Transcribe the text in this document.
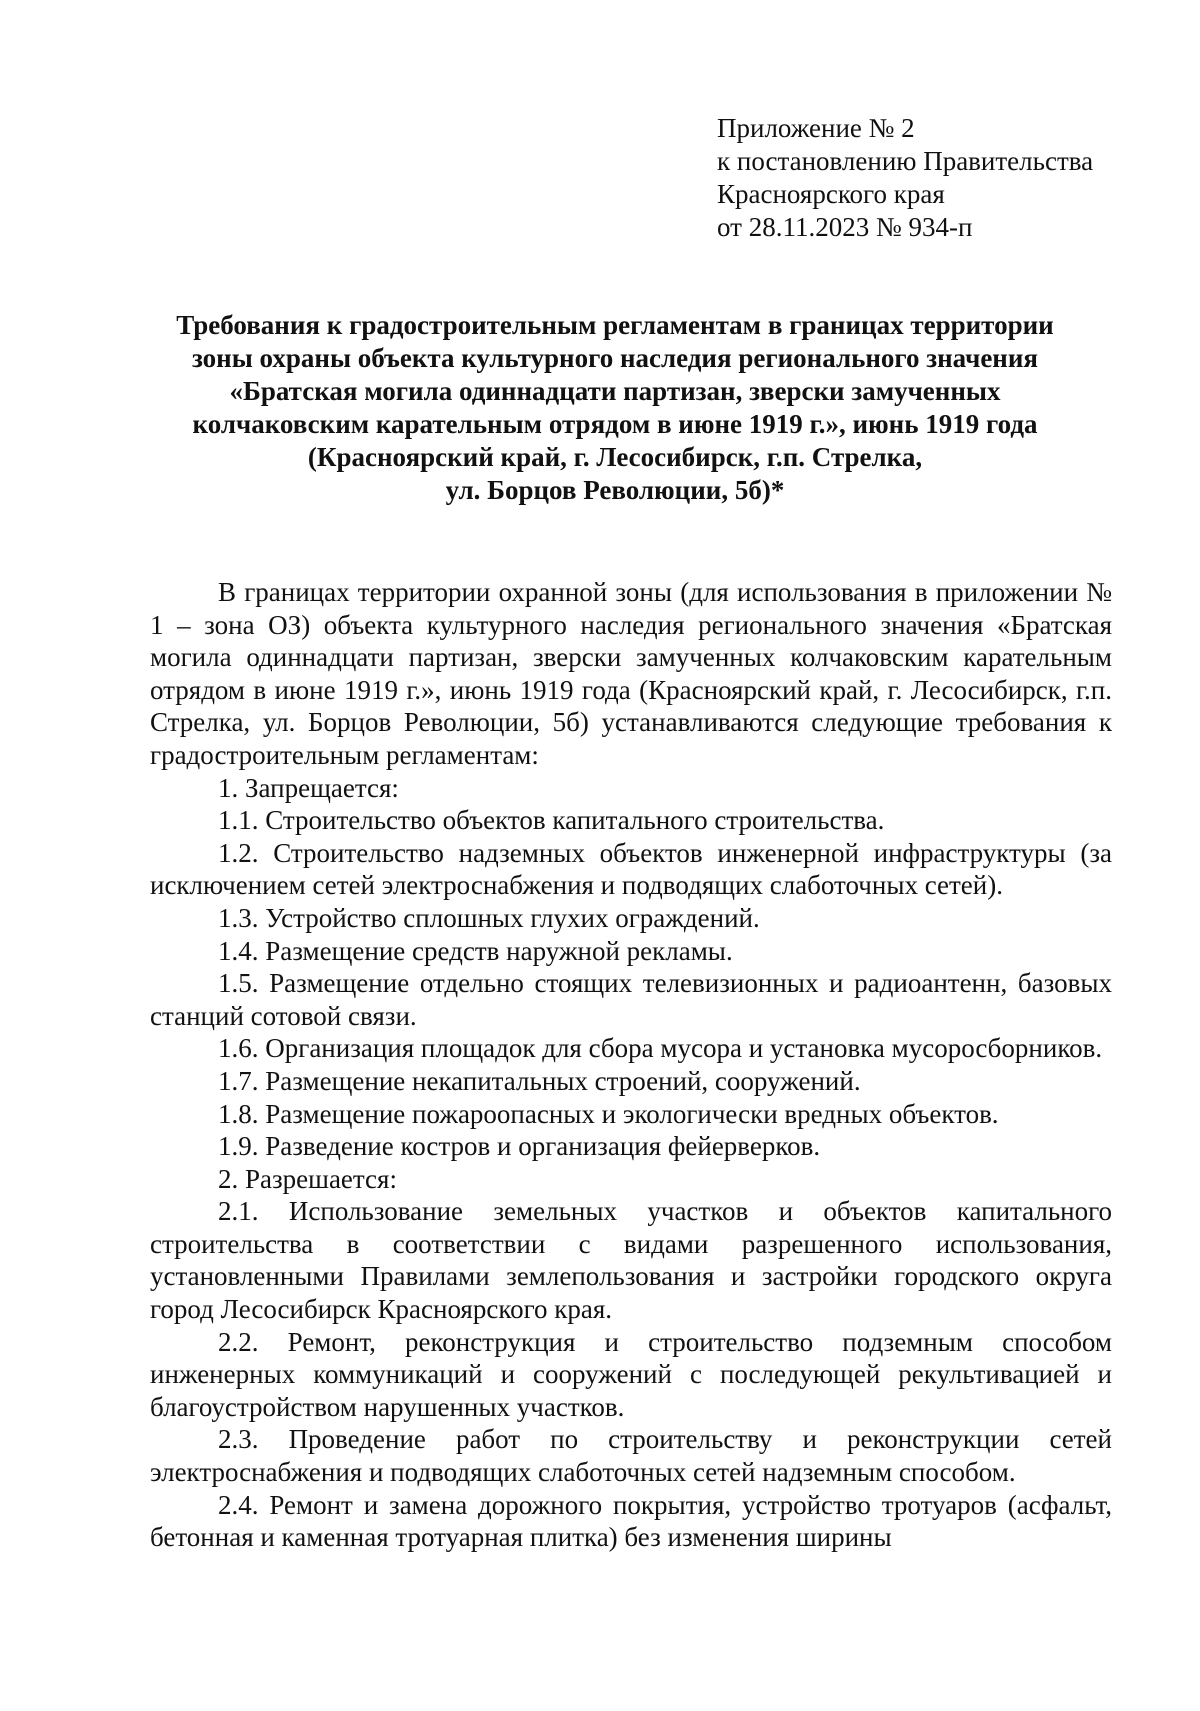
Приложение № 2
к постановлению Правительства
Красноярского края
от 28.11.2023 № 934-п
Требования к градостроительным регламентам в границах территории
зоны охраны объекта культурного наследия регионального значения
«Братская могила одиннадцати партизан, зверски замученных
колчаковским карательным отрядом в июне 1919 г.», июнь 1919 года
(Красноярский край, г. Лесосибирск, г.п. Стрелка,
ул. Борцов Революции, 5б)*

В границах территории охранной зоны (для использования в приложении № 1 – зона ОЗ) объекта культурного наследия регионального значения «Братская могила одиннадцати партизан, зверски замученных колчаковским карательным отрядом в июне 1919 г.», июнь 1919 года (Красноярский край, г. Лесосибирск, г.п. Стрелка, ул. Борцов Революции, 5б) устанавливаются следующие требования к градостроительным регламентам:

1. Запрещается:

1.1. Строительство объектов капитального строительства.

1.2. Строительство надземных объектов инженерной инфраструктуры (за исключением сетей электроснабжения и подводящих слаботочных сетей).

1.3. Устройство сплошных глухих ограждений.

1.4. Размещение средств наружной рекламы.

1.5. Размещение отдельно стоящих телевизионных и радиоантенн, базовых станций сотовой связи.

1.6. Организация площадок для сбора мусора и установка мусоросборников.

1.7. Размещение некапитальных строений, сооружений.

1.8. Размещение пожароопасных и экологически вредных объектов.

1.9. Разведение костров и организация фейерверков.

2. Разрешается:

2.1. Использование земельных участков и объектов капитального строительства в соответствии с видами разрешенного использования, установленными Правилами землепользования и застройки городского округа город Лесосибирск Красноярского края.

2.2. Ремонт, реконструкция и строительство подземным способом инженерных коммуникаций и сооружений с последующей рекультивацией и благоустройством нарушенных участков.

2.3. Проведение работ по строительству и реконструкции сетей электроснабжения и подводящих слаботочных сетей надземным способом.

2.4. Ремонт и замена дорожного покрытия, устройство тротуаров (асфальт, бетонная и каменная тротуарная плитка) без изменения ширины
